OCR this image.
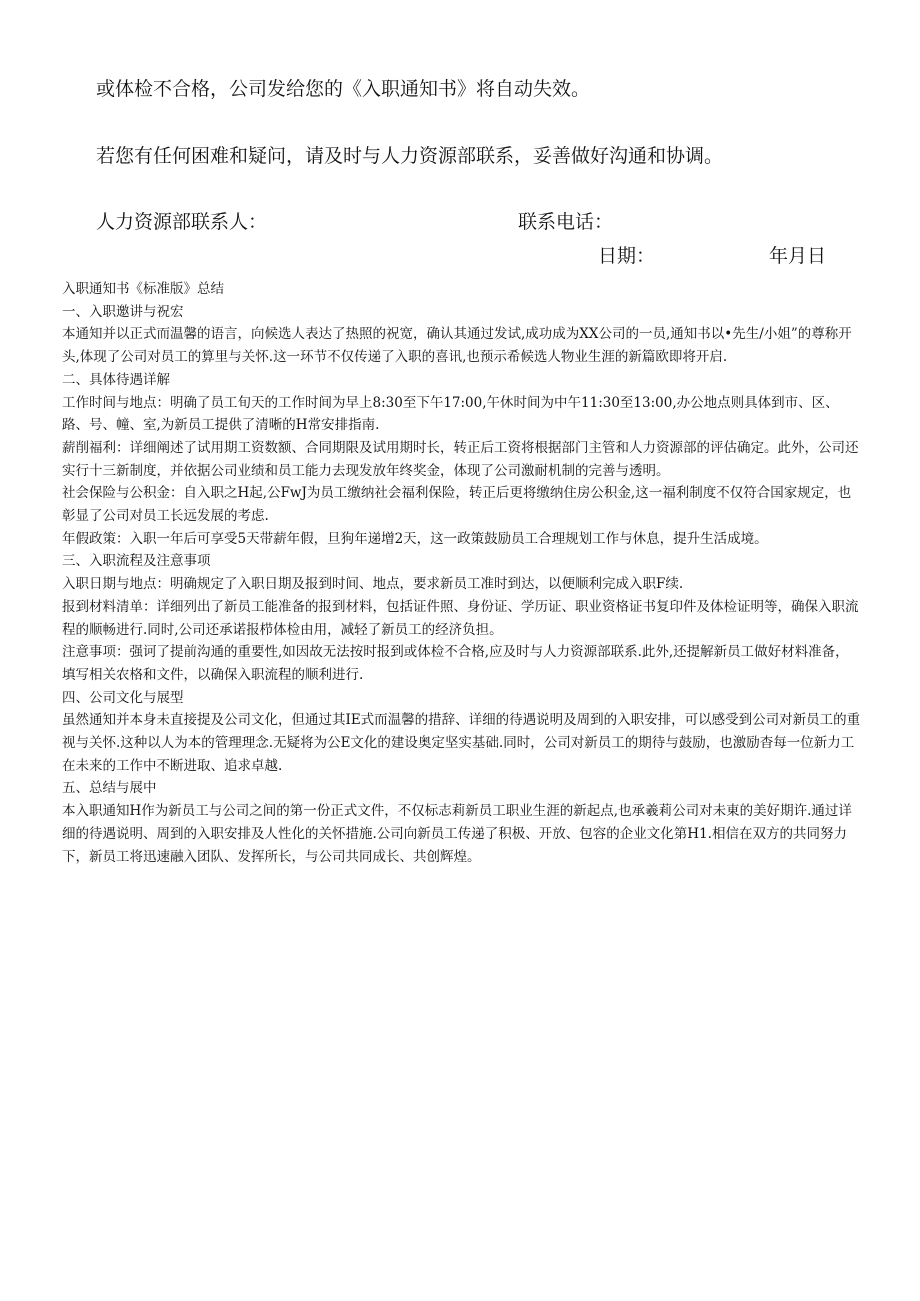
或体检不合格，公司发给您的《入职通知书》将自动失效。
若您有任何困难和疑问，请及时与人力资源部联系，妥善做好沟通和协调。
人力资源部联系人：	联系电话：
日期：	年月日

入职通知书《标准版》总结

一、入职邀讲与祝宏

本通知并以正式而温馨的语言，向候选人表达了热照的祝宽，确认其通过发试,成功成为XX公司的一员,通知书以•先生/小姐”的尊称开头,体现了公司对员工的算里与关怀.这一环节不仅传递了入职的喜讯,也预示希候选人物业生涯的新篇欧即将开启.

二、具体待遇详解

工作时间与地点：明确了员工旬天的工作时间为早上8:30至下午17:00,午休时间为中午11:30至13:00,办公地点则具体到市、区、路、号、幢、室,为新员工提供了清晰的H常安排指南.

薪削福利：详细阐述了试用期工资数额、合同期限及试用期时长，转正后工资将根据部门主管和人力资源部的评估确定。此外，公司还实行十三新制度，并依据公司业绩和员工能力去现发放年终奖金，体现了公司激耐机制的完善与透明。

社会保险与公积金：自入职之H起,公FwJ为员工缴纳社会福利保险，转正后更将缴纳住房公积金,这一福利制度不仅符合国家规定，也彰显了公司对员工长远发展的考虑.

年假政策：入职一年后可享受5天带薪年假，旦狗年递增2天，这一政策鼓励员工合理规划工作与休息，提升生活成境。

三、入职流程及注意事项

入职日期与地点：明确规定了入职日期及报到时间、地点，要求新员工准时到达，以便顺利完成入职F续.

报到材料清单：详细列出了新员工能准备的报到材料，包括证件照、身份证、学历证、职业资格证书复印件及体检证明等，确保入职流程的顺畅进行.同时,公司还承诺报栉体检由用，减轻了新员工的经济负担。

注意事项：强诃了提前沟通的重要性,如因故无法按时报到或体检不合格,应及时与人力资源部联系.此外,还提解新员工做好材料准备，填写相关农格和文件，以确保入职流程的顺利进行.

四、公司文化与展型

虽然通知并本身未直接提及公司文化，但通过其IE式而温馨的措辞、详细的待遇说明及周到的入职安排，可以感受到公司对新员工的重视与关怀.这种以人为本的管理理念.无疑将为公E文化的建设奥定坚实基础.同时，公司对新员工的期待与鼓励，也激励杳每一位新力工在未来的工作中不断进取、追求卓越.

五、总结与展中

本入职通知H作为新员工与公司之间的第一份正式文件，不仅标志莉新员工职业生涯的新起点,也承羲莉公司对未東的美好期许.通过详细的待遇说明、周到的入职安排及人性化的关怀措施.公司向新员工传递了积极、开放、包容的企业文化第H1.相信在双方的共同努力下，新员工将迅速融入团队、发挥所长，与公司共同成长、共创辉煌。
